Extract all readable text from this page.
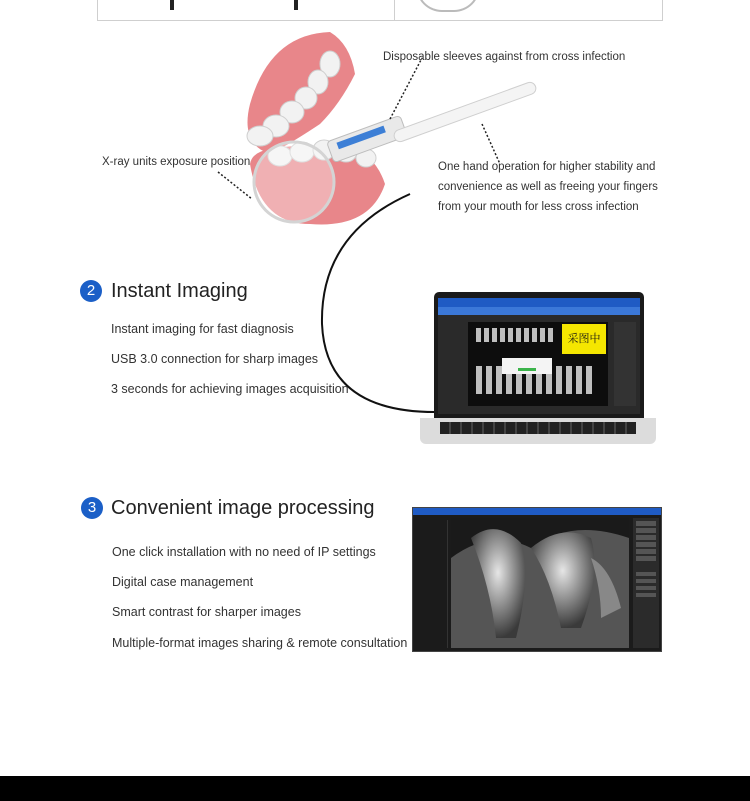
Disposable sleeves against from cross infection
X-ray units exposure position	One hand operation for higher stability and
convenience as well as freeing your fingers
from your mouth for less cross infection
2 Instant Imaging
Instant imaging for fast diagnosis
USB 3.0 connection for sharp images
3 seconds for achieving images acquisition
采图中
3 Convenient image processing
One click installation with no need of IP settings
Digital case management
Smart contrast for sharper images
Multiple-format images sharing & remote consultation
